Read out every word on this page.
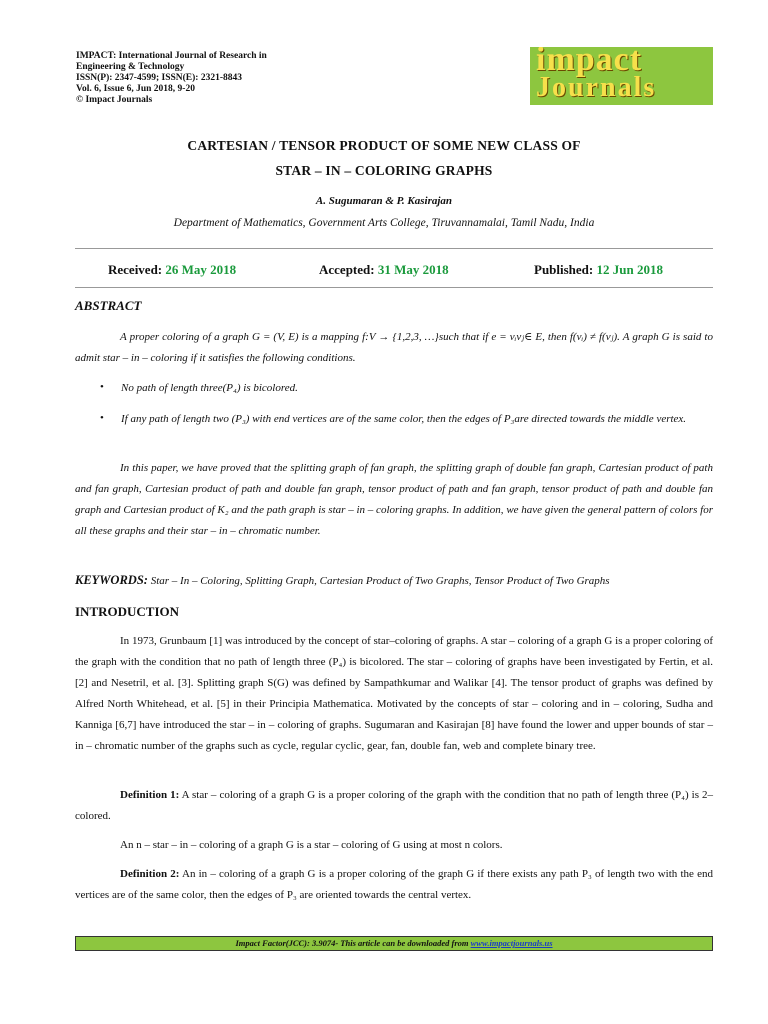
IMPACT: International Journal of Research in
Engineering & Technology
ISSN(P): 2347-4599; ISSN(E): 2321-8843
Vol. 6, Issue 6, Jun 2018, 9-20
© Impact Journals
impact
Journals
CARTESIAN / TENSOR PRODUCT OF SOME NEW CLASS OF
STAR – IN – COLORING GRAPHS
A. Sugumaran & P. Kasirajan
Department of Mathematics, Government Arts College, Tiruvannamalai, Tamil Nadu, India
Received: 26 May 2018	Accepted: 31 May 2018	Published: 12 Jun 2018
ABSTRACT
A proper coloring of a graph G = (V, E) is a mapping f:V → {1,2,3, …}such that if e = vᵢvⱼ∈ E, then f(vᵢ) ≠ f(vⱼ). A graph G is said to admit star – in – coloring if it satisfies the following conditions.
• No path of length three(P₄) is bicolored.
• If any path of length two (P₃) with end vertices are of the same color, then the edges of P₃are directed towards the middle vertex.
In this paper, we have proved that the splitting graph of fan graph, the splitting graph of double fan graph, Cartesian product of path and fan graph, Cartesian product of path and double fan graph, tensor product of path and fan graph, tensor product of path and double fan graph and Cartesian product of K₂ and the path graph is star – in – coloring graphs. In addition, we have given the general pattern of colors for all these graphs and their star – in – chromatic number.
KEYWORDS: Star – In – Coloring, Splitting Graph, Cartesian Product of Two Graphs, Tensor Product of Two Graphs
INTRODUCTION
In 1973, Grunbaum [1] was introduced by the concept of star–coloring of graphs. A star – coloring of a graph G is a proper coloring of the graph with the condition that no path of length three (P₄) is bicolored. The star – coloring of graphs have been investigated by Fertin, et al. [2] and Nesetril, et al. [3]. Splitting graph S(G) was defined by Sampathkumar and Walikar [4]. The tensor product of graphs was defined by Alfred North Whitehead, et al. [5] in their Principia Mathematica. Motivated by the concepts of star – coloring and in – coloring, Sudha and Kanniga [6,7] have introduced the star – in – coloring of graphs. Sugumaran and Kasirajan [8] have found the lower and upper bounds of star – in – chromatic number of the graphs such as cycle, regular cyclic, gear, fan, double fan, web and complete binary tree.
Definition 1: A star – coloring of a graph G is a proper coloring of the graph with the condition that no path of length three (P₄) is 2–colored.
An n – star – in – coloring of a graph G is a star – coloring of G using at most n colors.
Definition 2: An in – coloring of a graph G is a proper coloring of the graph G if there exists any path P₃ of length two with the end vertices are of the same color, then the edges of P₃ are oriented towards the central vertex.
Impact Factor(JCC): 3.9074- This article can be downloaded from www.impactjournals.us
